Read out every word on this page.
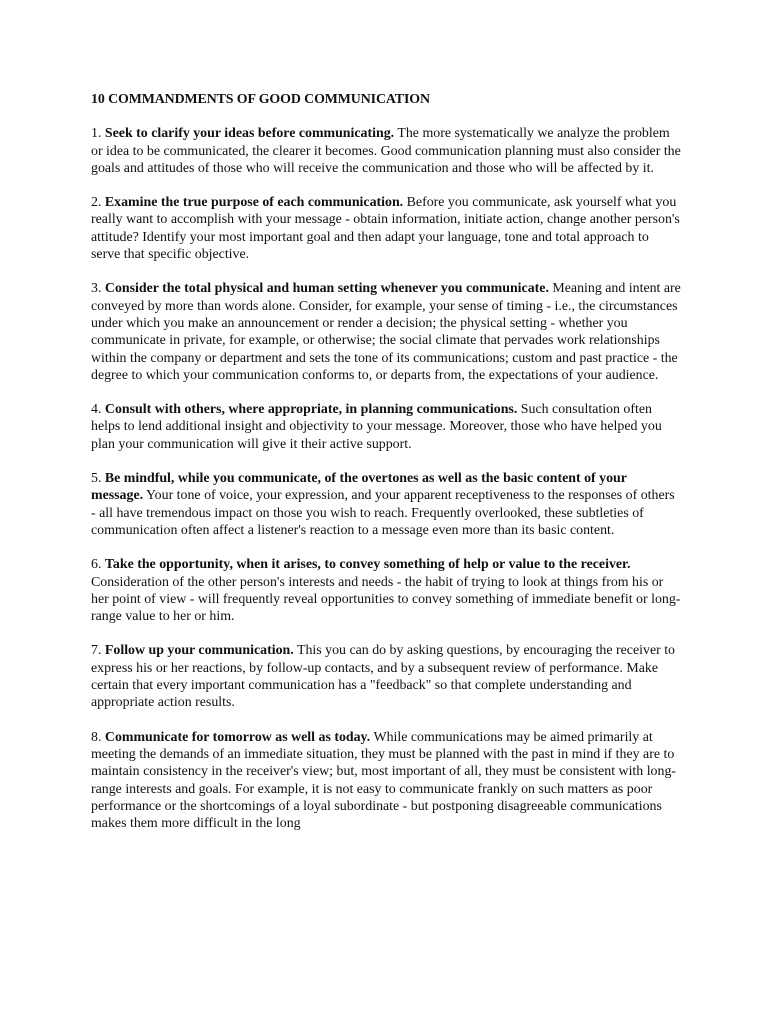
10 COMMANDMENTS OF GOOD COMMUNICATION

1. Seek to clarify your ideas before communicating. The more systematically we analyze the problem or idea to be communicated, the clearer it becomes. Good communication planning must also consider the goals and attitudes of those who will receive the communication and those who will be affected by it.

2. Examine the true purpose of each communication. Before you communicate, ask yourself what you really want to accomplish with your message - obtain information, initiate action, change another person's attitude? Identify your most important goal and then adapt your language, tone and total approach to serve that specific objective.

3. Consider the total physical and human setting whenever you communicate. Meaning and intent are conveyed by more than words alone. Consider, for example, your sense of timing - i.e., the circumstances under which you make an announcement or render a decision; the physical setting - whether you communicate in private, for example, or otherwise; the social climate that pervades work relationships within the company or department and sets the tone of its communications; custom and past practice - the degree to which your communication conforms to, or departs from, the expectations of your audience.

4. Consult with others, where appropriate, in planning communications. Such consultation often helps to lend additional insight and objectivity to your message. Moreover, those who have helped you plan your communication will give it their active support.

5. Be mindful, while you communicate, of the overtones as well as the basic content of your message. Your tone of voice, your expression, and your apparent receptiveness to the responses of others - all have tremendous impact on those you wish to reach. Frequently overlooked, these subtleties of communication often affect a listener's reaction to a message even more than its basic content.

6. Take the opportunity, when it arises, to convey something of help or value to the receiver. Consideration of the other person's interests and needs - the habit of trying to look at things from his or her point of view - will frequently reveal opportunities to convey something of immediate benefit or long-range value to her or him.

7. Follow up your communication. This you can do by asking questions, by encouraging the receiver to express his or her reactions, by follow-up contacts, and by a subsequent review of performance. Make certain that every important communication has a "feedback" so that complete understanding and appropriate action results.

8. Communicate for tomorrow as well as today. While communications may be aimed primarily at meeting the demands of an immediate situation, they must be planned with the past in mind if they are to maintain consistency in the receiver's view; but, most important of all, they must be consistent with long-range interests and goals. For example, it is not easy to communicate frankly on such matters as poor performance or the shortcomings of a loyal subordinate - but postponing disagreeable communications makes them more difficult in the long
